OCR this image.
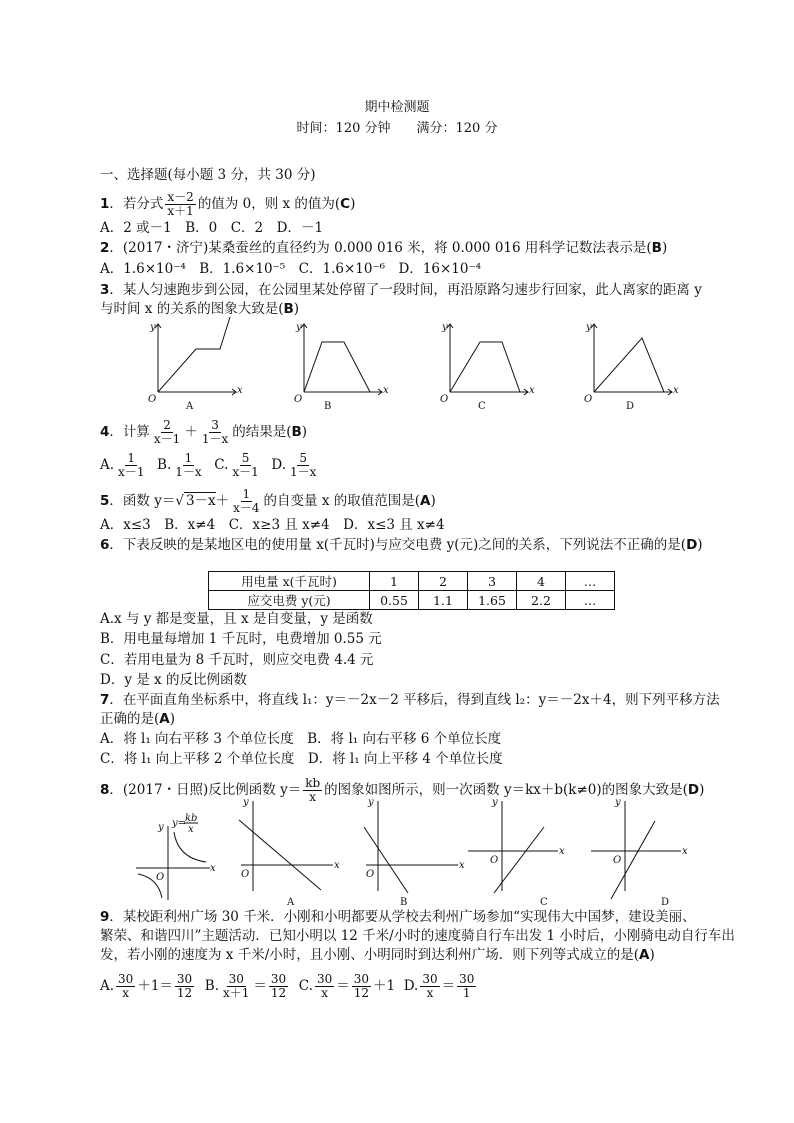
期中检测题
时间：120 分钟　　满分：120 分
一、选择题(每小题 3 分，共 30 分)
1．若分式 $\frac{x-2}{x+1}$ 的值为 0，则 x 的值为(C)
A．2 或－1　B．0　C．2　D．－1
2．(2017・济宁)某桑蚕丝的直径约为 0.000 016 米，将 0.000 016 用科学记数法表示是(B)
A．1.6×10⁻⁴　B．1.6×10⁻⁵　C．1.6×10⁻⁶　D．16×10⁻⁴
3．某人匀速跑步到公园，在公园里某处停留了一段时间，再沿原路匀速步行回家，此人离家的距离 y
与时间 x 的关系的图象大致是(B)
y
x
O
A
y
x
O
B
y
x
O
C
y
x
O
D
4．计算 $\frac{2}{x-1} + \frac{3}{1-x}$ 的结果是(B)
A. $\frac{1}{x-1} B$. $\frac{1}{1-x} C$. $\frac{5}{x-1} D$. $\frac{5}{1-x}$
5．函数 y＝√ $3-x+ \frac{1}{x-4}$ 的自变量 x 的取值范围是(A)
A．x≤3　B．x≠4　C．x≥3 且 x≠4　D．x≤3 且 x≠4
6．下表反映的是某地区电的使用量 x(千瓦时)与应交电费 y(元)之间的关系，下列说法不正确的是(D)
用电量 x(千瓦时)	1	2	3	4	…
应交电费 y(元)	0.55	1.1	1.65	2.2	…
A.x 与 y 都是变量，且 x 是自变量，y 是函数
B．用电量每增加 1 千瓦时，电费增加 0.55 元
C．若用电量为 8 千瓦时，则应交电费 4.4 元
D．y 是 x 的反比例函数
7．在平面直角坐标系中，将直线 l₁：y＝－2x－2 平移后，得到直线 l₂：y＝－2x＋4，则下列平移方法
正确的是(A)
A．将 l₁ 向右平移 3 个单位长度　B．将 l₁ 向右平移 6 个单位长度
C．将 l₁ 向上平移 2 个单位长度　D．将 l₁ 向上平移 4 个单位长度
8．(2017・日照)反比例函数 $y= \frac{kb}{x}$ 的图象如图所示，则一次函数 y＝kx＋b(k≠0)的图象大致是(D)
y
x
O
y=
kb
x
y
x
O
A
y
x
O
B
y
x
O
C
y
x
O
D
9．某校距利州广场 30 千米．小刚和小明都要从学校去利州广场参加“实现伟大中国梦，建设美丽、
繁荣、和谐四川”主题活动．已知小明以 12 千米/小时的速度骑自行车出发 1 小时后，小刚骑电动自行车出
发，若小刚的速度为 x 千米/小时，且小刚、小明同时到达利州广场．则下列等式成立的是(A)
A. $\frac{30}{x} +1= \frac{30}{12} B$. $\frac{30}{x+1} = \frac{30}{12} C$. $\frac{30}{x} = \frac{30}{12} +1$ D. $\frac{30}{x} = \frac{30}{1}$
